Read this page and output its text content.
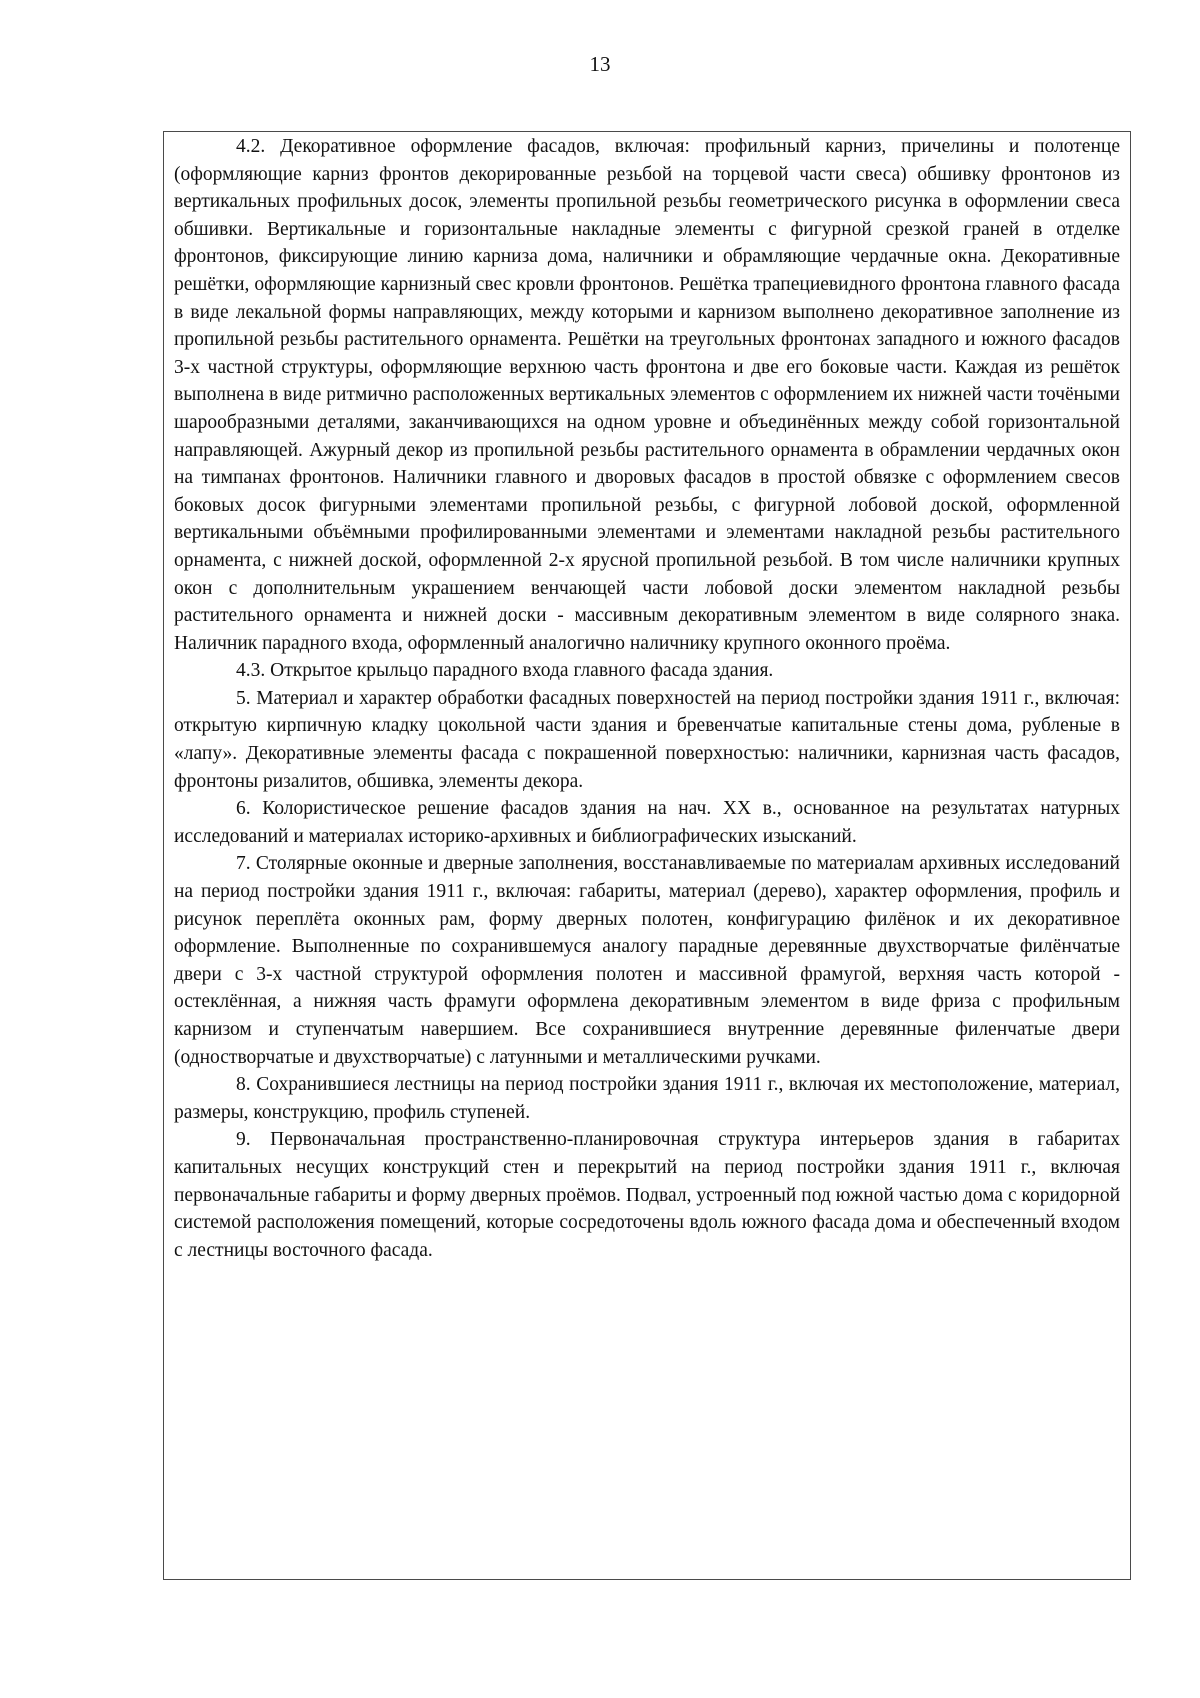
13

4.2. Декоративное оформление фасадов, включая: профильный карниз, причелины и полотенце (оформляющие карниз фронтов декорированные резьбой на торцевой части свеса) обшивку фронтонов из вертикальных профильных досок, элементы пропильной резьбы геометрического рисунка в оформлении свеса обшивки. Вертикальные и горизонтальные накладные элементы с фигурной срезкой граней в отделке фронтонов, фиксирующие линию карниза дома, наличники и обрамляющие чердачные окна. Декоративные решётки, оформляющие карнизный свес кровли фронтонов. Решётка трапециевидного фронтона главного фасада в виде лекальной формы направляющих, между которыми и карнизом выполнено декоративное заполнение из пропильной резьбы растительного орнамента. Решётки на треугольных фронтонах западного и южного фасадов 3-х частной структуры, оформляющие верхнюю часть фронтона и две его боковые части. Каждая из решёток выполнена в виде ритмично расположенных вертикальных элементов с оформлением их нижней части точёными шарообразными деталями, заканчивающихся на одном уровне и объединённых между собой горизонтальной направляющей. Ажурный декор из пропильной резьбы растительного орнамента в обрамлении чердачных окон на тимпанах фронтонов. Наличники главного и дворовых фасадов в простой обвязке с оформлением свесов боковых досок фигурными элементами пропильной резьбы, с фигурной лобовой доской, оформленной вертикальными объёмными профилированными элементами и элементами накладной резьбы растительного орнамента, с нижней доской, оформленной 2-х ярусной пропильной резьбой. В том числе наличники крупных окон с дополнительным украшением венчающей части лобовой доски элементом накладной резьбы растительного орнамента и нижней доски - массивным декоративным элементом в виде солярного знака. Наличник парадного входа, оформленный аналогично наличнику крупного оконного проёма.

4.3. Открытое крыльцо парадного входа главного фасада здания.

5. Материал и характер обработки фасадных поверхностей на период постройки здания 1911 г., включая: открытую кирпичную кладку цокольной части здания и бревенчатые капитальные стены дома, рубленые в «лапу». Декоративные элементы фасада с покрашенной поверхностью: наличники, карнизная часть фасадов, фронтоны ризалитов, обшивка, элементы декора.

6. Колористическое решение фасадов здания на нач. XX в., основанное на результатах натурных исследований и материалах историко-архивных и библиографических изысканий.

7. Столярные оконные и дверные заполнения, восстанавливаемые по материалам архивных исследований на период постройки здания 1911 г., включая: габариты, материал (дерево), характер оформления, профиль и рисунок переплёта оконных рам, форму дверных полотен, конфигурацию филёнок и их декоративное оформление. Выполненные по сохранившемуся аналогу парадные деревянные двухстворчатые филёнчатые двери с 3-х частной структурой оформления полотен и массивной фрамугой, верхняя часть которой - остеклённая, а нижняя часть фрамуги оформлена декоративным элементом в виде фриза с профильным карнизом и ступенчатым навершием. Все сохранившиеся внутренние деревянные филенчатые двери (одностворчатые и двухстворчатые) с латунными и металлическими ручками.

8. Сохранившиеся лестницы на период постройки здания 1911 г., включая их местоположение, материал, размеры, конструкцию, профиль ступеней.

9. Первоначальная пространственно-планировочная структура интерьеров здания в габаритах капитальных несущих конструкций стен и перекрытий на период постройки здания 1911 г., включая первоначальные габариты и форму дверных проёмов. Подвал, устроенный под южной частью дома с коридорной системой расположения помещений, которые сосредоточены вдоль южного фасада дома и обеспеченный входом с лестницы восточного фасада.
